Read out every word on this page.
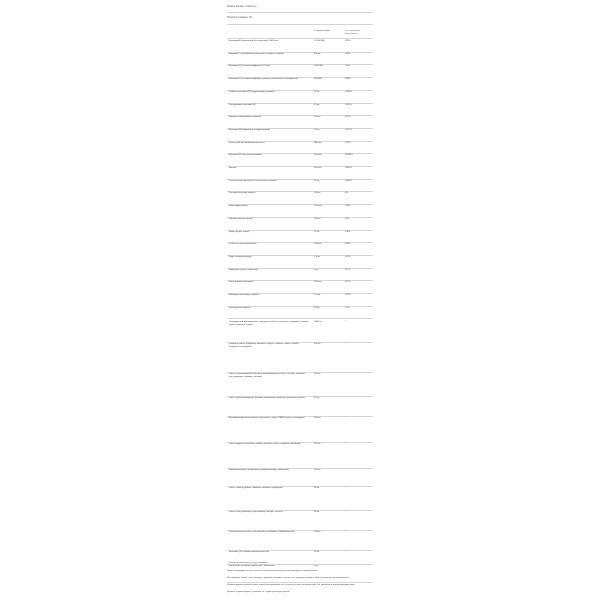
Размер порции: 2 капсулы
Порций в упаковке: 60
В одной порции	% от суточной потребности
Витамин A (смешанный бета-каротин) (5000 мкг)	10 000 МЕ	555%
Витамин C (аскорбиновая кислота и аскорбат натрия)	400 мг	444%
Витамин D3 (холекальциферол) (25 мкг)	1000 МЕ	125%
Витамин E (d-альфа-токоферил сукцинат, смешанные токоферолы)	200 МЕ	893%
Тиамин (витамин B1) (гидрохлорид тиамина)	25 мг	2083%
Рибофлавин (витамин B2)	25 мг	1923%
Ниацин (ниацинамид и ниацин)	100 мг	625%
Витамин B6 (пиридоксина гидрохлорид)	25 мг	1471%
Фолат (400 мкг фолиевой кислоты)	680 мкг	170%
Витамин B12 (метилкобаламин)	500 мкг	20833%
Биотин	300 мкг	1000%
Пантотеновая кислота (D-пантотенат кальция)	50 мг	1000%
Кальций (кальция цитрат)	100 мг	8%
Йод (йодид калия)	150 мкг	100%
Магний (магния цитрат)	100 мг	24%
Цинк (цитрат цинка)	15 мг	136%
Селен (L-селенометионин)	100 мкг	182%
Медь (глюконат меди)	1,5 мг	167%
Марганец (цитрат марганца)	5 мг	217%
Хром (хрома пиколинат)	200 мкг	571%
Молибден (молибдат натрия)	75 мкг	167%
Калий (калия цитрат)	99 мг	<2%
Специальный фитокомплекс (люцерна, листья; хлорелла; спирулина; ячмень, трава; пшеница, трава)
1460 мг	*
Овощная смесь (брокколи; морковь; капуста; шпинат; томат; свёкла; петрушка; сельдерей)
200 мг	*
Смесь антиоксидантов (экстракт виноградных косточек; экстракт зелёного чая; куркумин; ликопин; лютеин)
100 мг	*
Смесь для пищеварения (папаин; бромелайн; амилаза; протеаза; липаза)	25 мг	*
Витаминоподобные вещества (инозитол; холин; ПАБК; рутин; гесперидин)	100 мг	*
Смесь фруктов (черника; клюква; малина; гранат; ацерола; шиповник)	250 мг	*
Биофлавоноиды (цитрусовые биофлавоноиды; кверцетин)	100 мг	*
Смесь грибов (рейши; шиитаке; майтаке; кордицепс)	50 мг	*
Смесь трав (эхинацея; расторопша; имбирь; чеснок)	50 мг	*
Пробиотическая смесь (Lactobacillus acidophilus; Bifidobacterium)	100 мг	*
Коэнзим Q10; альфа-липоевая кислота	25 мг	*
Лютеин (из экстракта бархатцев); зеаксантин	5 мг	*
* Суточная потребность не установлена.
Прочие ингредиенты: растительная целлюлоза (капсула), рисовая мука, стеарат магния.
Не содержит: сахар, соль, крахмал, дрожжи, пшеница, глютен, соя, кукуруза, молоко, яйца, моллюски или консерванты.
Рекомендуемое употребление: взрослым принимать по 2 капсулы в день во время еды. Не превышать рекомендуемую дозу.
Хранить в прохладном, сухом месте, недоступном для детей.
